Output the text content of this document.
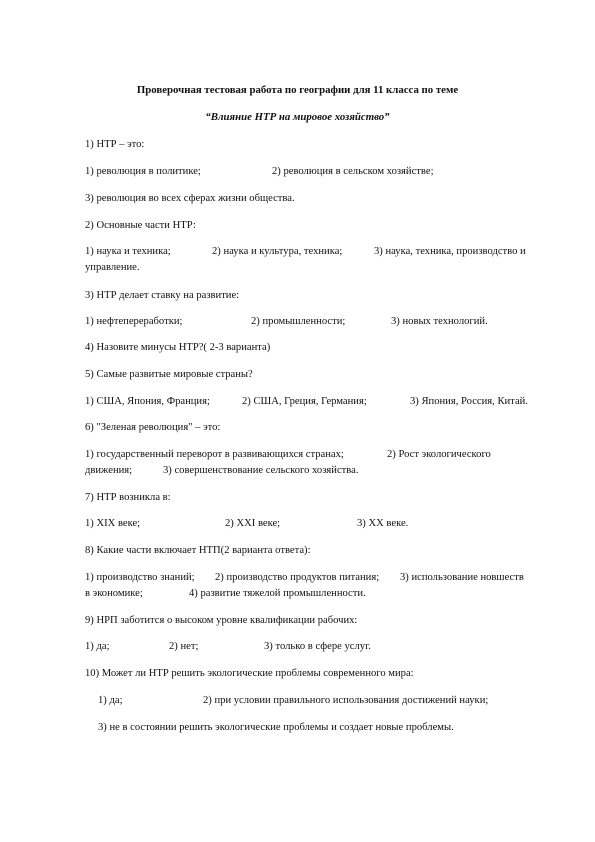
Проверочная тестовая работа по географии для 11 класса по теме
“Влияние НТР на мировое хозяйство”
1) НТР – это:
1) революция в политике;	2) революция в сельском хозяйстве;
3) революция во всех сферах жизни общества.
2) Основные части НТР:
1) наука и техника;	2) наука и культура, техника;	3) наука, техника, производство и
управление.
3) НТР делает ставку на развитие:
1) нефтепереработки;	2) промышленности;	3) новых технологий.
4) Назовите минусы НТР?( 2-3 варианта)
5) Самые развитые мировые страны?
1) США, Япония, Франция;	2) США, Греция, Германия;	3) Япония, Россия, Китай.
6) "Зеленая революция" – это:
1) государственный переворот в развивающихся странах;	2) Рост экологического
движения;	3) совершенствование сельского хозяйства.
7) НТР возникла в:
1) XIX веке;	2) XXI веке;	3) XX веке.
8) Какие части включает НТП(2 варианта ответа):
1) производство знаний; 2) производство продуктов питания; 3) использование новшеств
в экономике;	4) развитие тяжелой промышленности.
9) НРП заботится о высоком уровне квалификации рабочих:
1) да;	2) нет;	3) только в сфере услуг.
10) Может ли НТР решить экологические проблемы современного мира:
1) да;	2) при условии правильного использования достижений науки;
3) не в состоянии решить экологические проблемы и создает новые проблемы.
